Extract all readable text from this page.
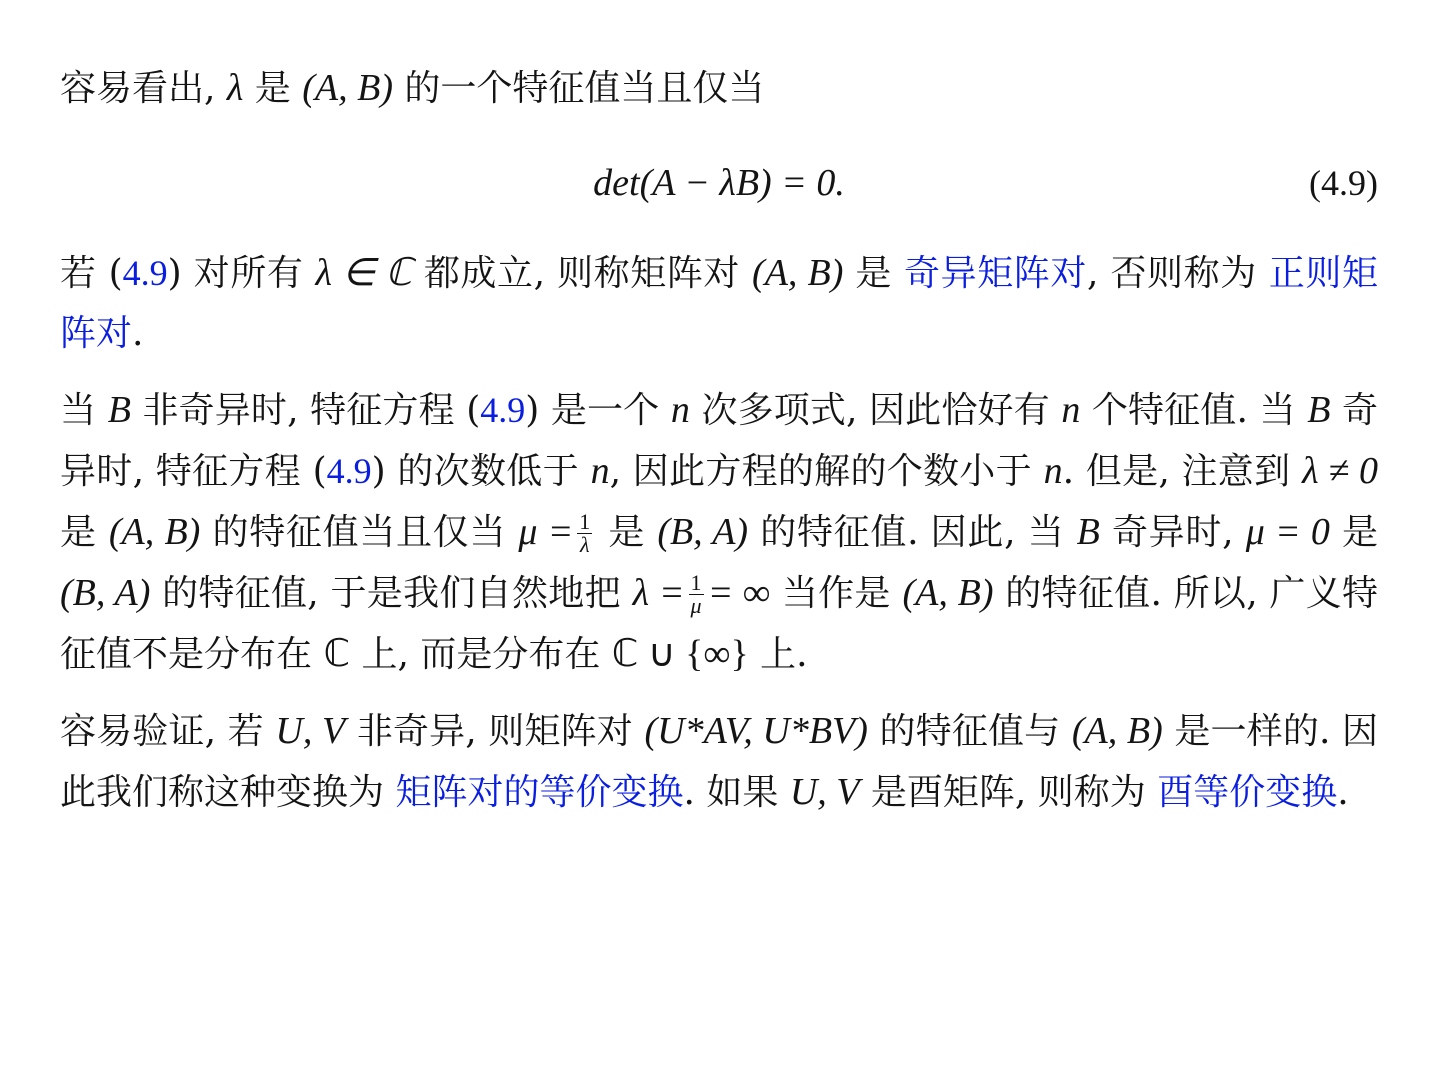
容易看出, λ 是 (A, B) 的一个特征值当且仅当

det(A − λB) = 0.	(4.9)

若 (4.9) 对所有 λ ∈ ℂ 都成立, 则称矩阵对 (A, B) 是 奇异矩阵对, 否则称为 正则矩阵对.

当 B 非奇异时, 特征方程 (4.9) 是一个 n 次多项式, 因此恰好有 n 个特征值. 当 B 奇异时, 特征方程 (4.9) 的次数低于 n, 因此方程的解的个数小于 n. 但是, 注意到 λ ≠ 0 是 (A, B) 的特征值当且仅当 $\mu = \frac{1}{\lambda}$ 是 (B, A) 的特征值. 因此, 当 B 奇异时, μ = 0 是 (B, A) 的特征值, 于是我们自然地把 $\lambda = \frac{1}{\mu}$ = ∞ 当作是 (A, B) 的特征值. 所以, 广义特征值不是分布在 ℂ 上, 而是分布在 ℂ ∪ {∞} 上.

容易验证, 若 U, V 非奇异, 则矩阵对 (U*AV, U*BV) 的特征值与 (A, B) 是一样的. 因此我们称这种变换为 矩阵对的等价变换. 如果 U, V 是酉矩阵, 则称为 酉等价变换.
